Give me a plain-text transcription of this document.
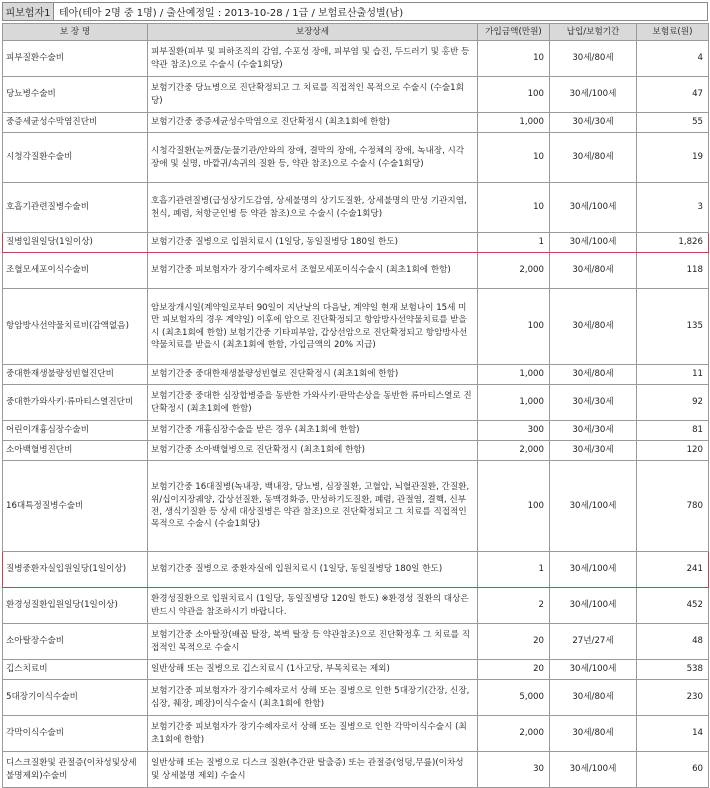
피보험자1 테아(테아 2명 중 1명) / 출산예정일 : 2013-10-28 / 1급 / 보험료산출성별(남)
보 장 명	보장상세	가입금액(만원)	납입/보험기간	보험료(원)
피부질환수술비	피부질환(피부 및 피하조직의 감염, 수포성 장애, 피부염 및 습진, 두드러기 및 홍반 등 약관 참조)으로 수술시 (수술1회당)	10	30세/80세	4
당뇨병수술비	보험기간중 당뇨병으로 진단확정되고 그 치료를 직접적인 목적으로 수술시 (수술1회당)	100	30세/100세	47
중증세균성수막염진단비	보험기간중 중증세균성수막염으로 진단확정시 (최초1회에 한함)	1,000	30세/30세	55
시청각질환수술비	시청각질환(눈꺼풀/눈물기관/안와의 장애, 결막의 장애, 수정체의 장애, 녹내장, 시각 장애 및 실명, 바깥귀/속귀의 질환 등, 약관 참조)으로 수술시 (수술1회당)	10	30세/80세	19
호흡기관련질병수술비	호흡기관련질병(급성상기도감염, 상세불명의 상기도질환, 상세불명의 만성 기관지염, 천식, 폐렴, 처항군인병 등 약관 참조)으로 수술시 (수술1회당)	10	30세/100세	3
질병입원일당(1일이상)	보험기간중 질병으로 입원치료시 (1일당, 동일질병당 180일 한도)	1	30세/100세	1,826
조혈모세포이식수술비	보험기간중 피보험자가 장기수혜자로서 조혈모세포이식수술시 (최초1회에 한함)	2,000	30세/80세	118
항암방사선약물치료비(감액없음)	암보장개시일(계약일로부터 90일이 지난날의 다음날, 계약일 현재 보험나이 15세 미만 피보험자의 경우 계약일) 이후에 암으로 진단확정되고 항암방사선약물치료를 받을시 (최초1회에 한함) 보험기간중 기타피부암, 갑상선암으로 진단확정되고 항암방사선약물치료를 받을시 (최초1회에 한함, 가입금액의 20% 지급)	100	30세/80세	135
중대한재생불량성빈혈진단비	보험기간중 중대한재생불량성빈혈로 진단확정시 (최초1회에 한함)	1,000	30세/80세	11
중대한가와사키·류마티스열진단비	보험기간중 중대한 심장합병증을 동반한 가와사키·판막손상을 동반한 류마티스열로 진단확정시 (최초1회에 한함)	1,000	30세/30세	92
어린이개흉심장수술비	보험기간중 개흉심장수술을 받은 경우 (최초1회에 한함)	300	30세/30세	81
소아백혈병진단비	보험기간중 소아백혈병으로 진단확정시 (최초1회에 한함)	2,000	30세/30세	120
16대특정질병수술비	보험기간중 16대질병(녹내장, 백내장, 당뇨병, 심장질환, 고혈압, 뇌혈관질환, 간질환, 위/십이지장궤양, 갑상선질환, 동맥경화증, 만성하기도질환, 폐렴, 관절염, 결핵, 신부전, 생식기질환 등 상세 대상질병은 약관 참조)으로 진단확정되고 그 치료를 직접적인 목적으로 수술시 (수술1회당)	100	30세/100세	780
질병중환자실입원일당(1일이상)	보험기간중 질병으로 중환자실에 입원치료시 (1일당, 동일질병당 180일 한도)	1	30세/100세	241
환경성질환입원일당(1일이상)	환경성질환으로 입원치료시 (1일당, 동일질병당 120일 한도) ※환경성 질환의 대상은 반드시 약관을 참조하시기 바랍니다.	2	30세/100세	452
소아탈장수술비	보험기간중 소아탈장(배꼽 탈장, 복벽 탈장 등 약관참조)으로 진단확정후 그 치료를 직접적인 목적으로 수술시	20	27년/27세	48
깁스치료비	일반상해 또는 질병으로 깁스치료시 (1사고당, 부목치료는 제외)	20	30세/100세	538
5대장기이식수술비	보험기간중 피보험자가 장기수혜자로서 상해 또는 질병으로 인한 5대장기(간장, 신장, 심장, 췌장, 폐장)이식수술시 (최초1회에 한함)	5,000	30세/80세	230
각막이식수술비	보험기간중 피보험자가 장기수혜자로서 상해 또는 질병으로 인한 각막이식수술시 (최초1회에 한함)	2,000	30세/80세	14
디스크질환및 관절증(이차성및상세불명제외)수술비	일반상해 또는 질병으로 디스크 질환(추간판 탈출증) 또는 관절증(엉덩,무릎)(이차성 및 상세불명 제외) 수술시	30	30세/100세	60
